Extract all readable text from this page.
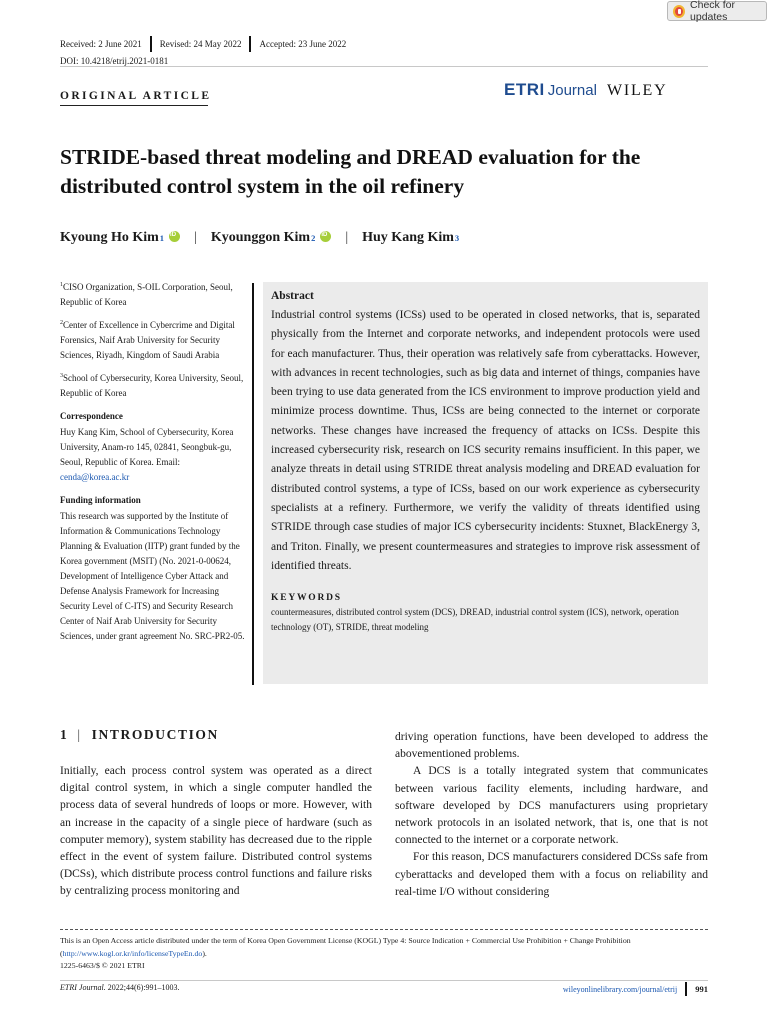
Check for updates
Received: 2 June 2021 Revised: 24 May 2022 Accepted: 23 June 2022
DOI: 10.4218/etrij.2021-0181
ORIGINAL ARTICLE	ETRI Journal WILEY
STRIDE-based threat modeling and DREAD evaluation for the distributed control system in the oil refinery
Kyoung Ho Kim 1 iD | Kyounggon Kim 2 iD | Huy Kang Kim 3

$^1$CISO Organization, S-OIL Corporation, Seoul, Republic of Korea

$^2$Center of Excellence in Cybercrime and Digital Forensics, Naif Arab University for Security Sciences, Riyadh, Kingdom of Saudi Arabia

$^3$School of Cybersecurity, Korea University, Seoul, Republic of Korea

Correspondence

Huy Kang Kim, School of Cybersecurity, Korea University, Anam-ro 145, 02841, Seongbuk-gu, Seoul, Republic of Korea. Email: cenda@korea.ac.kr

Funding information

This research was supported by the Institute of Information & Communications Technology Planning & Evaluation (IITP) grant funded by the Korea government (MSIT) (No. 2021-0-00624, Development of Intelligence Cyber Attack and Defense Analysis Framework for Increasing Security Level of C-ITS) and Security Research Center of Naif Arab University for Security Sciences, under grant agreement No. SRC-PR2-05.

Abstract
Industrial control systems (ICSs) used to be operated in closed networks, that is, separated physically from the Internet and corporate networks, and independent protocols were used for each manufacturer. Thus, their operation was relatively safe from cyberattacks. However, with advances in recent technologies, such as big data and internet of things, companies have been trying to use data generated from the ICS environment to improve production yield and minimize process downtime. Thus, ICSs are being connected to the internet or corporate networks. These changes have increased the frequency of attacks on ICSs. Despite this increased cybersecurity risk, research on ICS security remains insufficient. In this paper, we analyze threats in detail using STRIDE threat analysis modeling and DREAD evaluation for distributed control systems, a type of ICSs, based on our work experience as cybersecurity specialists at a refinery. Furthermore, we verify the validity of threats identified using STRIDE through case studies of major ICS cybersecurity incidents: Stuxnet, BlackEnergy 3, and Triton. Finally, we present countermeasures and strategies to improve risk assessment of identified threats.
KEYWORDS
countermeasures, distributed control system (DCS), DREAD, industrial control system (ICS), network, operation technology (OT), STRIDE, threat modeling
1 | INTRODUCTION

Initially, each process control system was operated as a direct digital control system, in which a single computer handled the process data of several hundreds of loops or more. However, with an increase in the capacity of a single piece of hardware (such as computer memory), system stability has decreased due to the ripple effect in the event of system failure. Distributed control systems (DCSs), which distribute process control functions and failure risks by centralizing process monitoring and

driving operation functions, have been developed to address the abovementioned problems.

A DCS is a totally integrated system that communicates between various facility elements, including hardware, and software developed by DCS manufacturers using proprietary network protocols in an isolated network, that is, one that is not connected to the internet or a corporate network.

For this reason, DCS manufacturers considered DCSs safe from cyberattacks and developed them with a focus on reliability and real-time I/O without considering

This is an Open Access article distributed under the term of Korea Open Government License (KOGL) Type 4: Source Indication + Commercial Use Prohibition + Change Prohibition (http://www.kogl.or.kr/info/licenseTypeEn.do).
1225-6463/$ © 2021 ETRI
ETRI Journal. 2022;44(6):991–1003.	wileyonlinelibrary.com/journal/etrij 991
